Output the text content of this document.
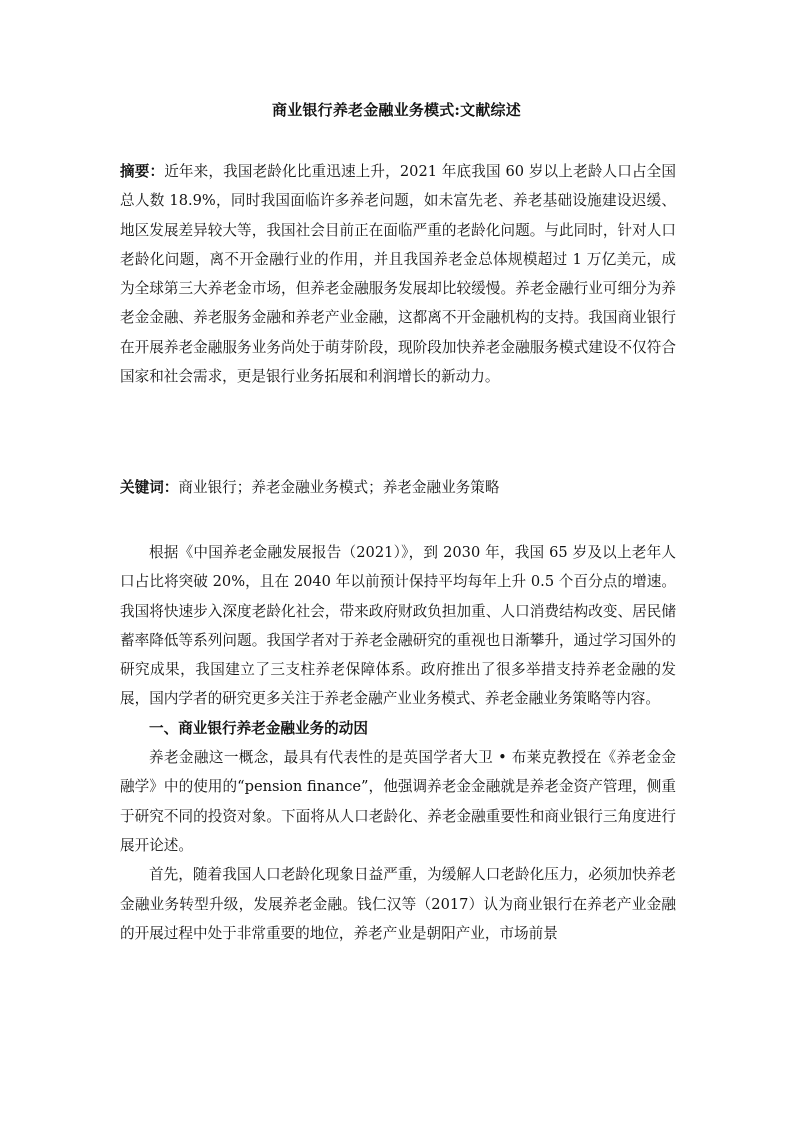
商业银行养老金融业务模式:文献综述
摘要：近年来，我国老龄化比重迅速上升，2021 年底我国 60 岁以上老龄人口占全国总人数 18.9%，同时我国面临许多养老问题，如未富先老、养老基础设施建设迟缓、地区发展差异较大等，我国社会目前正在面临严重的老龄化问题。与此同时，针对人口老龄化问题，离不开金融行业的作用，并且我国养老金总体规模超过 1 万亿美元，成为全球第三大养老金市场，但养老金融服务发展却比较缓慢。养老金融行业可细分为养老金金融、养老服务金融和养老产业金融，这都离不开金融机构的支持。我国商业银行在开展养老金融服务业务尚处于萌芽阶段，现阶段加快养老金融服务模式建设不仅符合国家和社会需求，更是银行业务拓展和利润增长的新动力。
关键词：商业银行；养老金融业务模式；养老金融业务策略

根据《中国养老金融发展报告（2021）》，到 2030 年，我国 65 岁及以上老年人口占比将突破 20%，且在 2040 年以前预计保持平均每年上升 0.5 个百分点的增速。我国将快速步入深度老龄化社会，带来政府财政负担加重、人口消费结构改变、居民储蓄率降低等系列问题。我国学者对于养老金融研究的重视也日渐攀升，通过学习国外的研究成果，我国建立了三支柱养老保障体系。政府推出了很多举措支持养老金融的发展，国内学者的研究更多关注于养老金融产业业务模式、养老金融业务策略等内容。

一、商业银行养老金融业务的动因

养老金融这一概念，最具有代表性的是英国学者大卫 • 布莱克教授在《养老金金融学》中的使用的“pension finance”，他强调养老金金融就是养老金资产管理，侧重于研究不同的投资对象。下面将从人口老龄化、养老金融重要性和商业银行三角度进行展开论述。

首先，随着我国人口老龄化现象日益严重，为缓解人口老龄化压力，必须加快养老金融业务转型升级，发展养老金融。钱仁汉等（2017）认为商业银行在养老产业金融的开展过程中处于非常重要的地位，养老产业是朝阳产业，市场前景
